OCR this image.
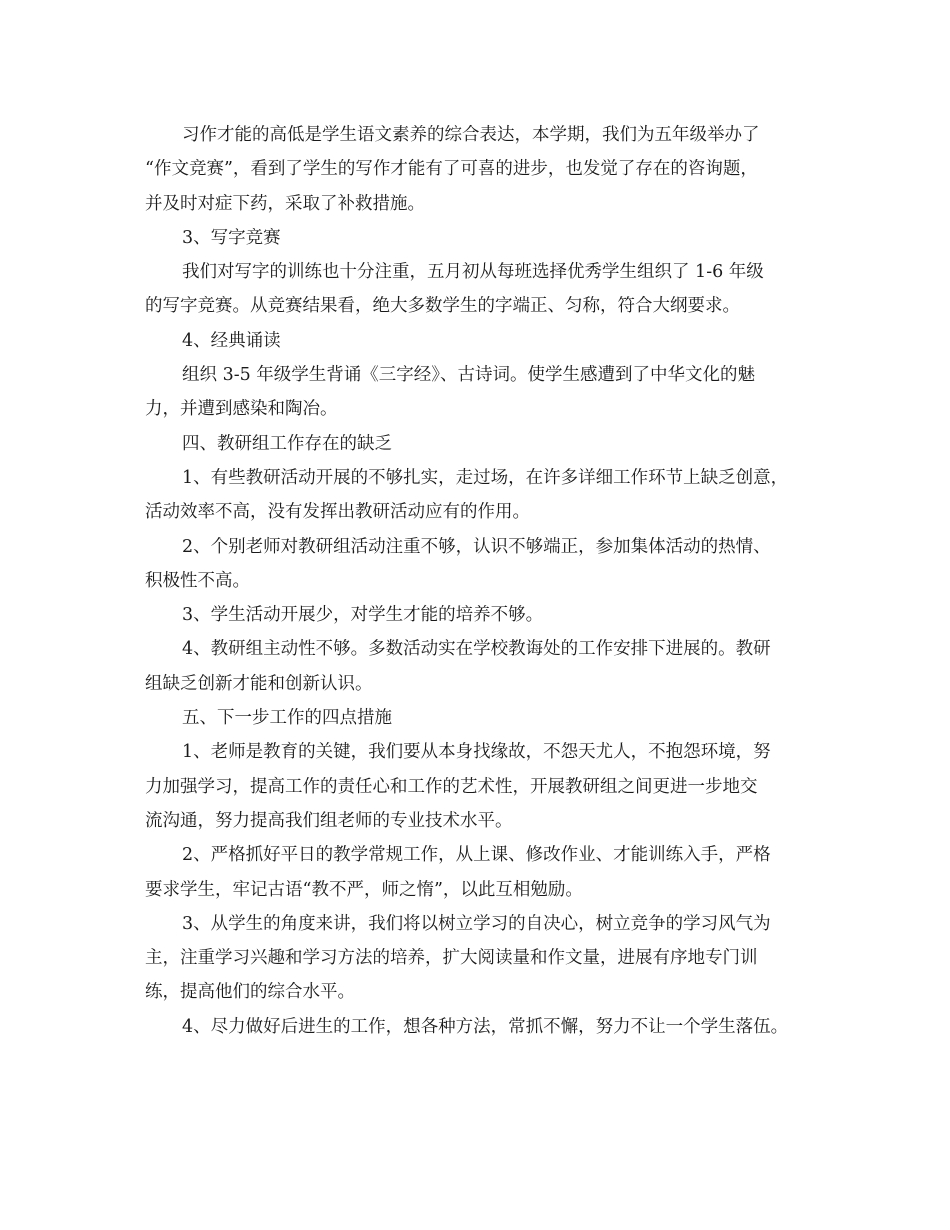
习作才能的高低是学生语文素养的综合表达，本学期，我们为五年级举办了
“作文竞赛”，看到了学生的写作才能有了可喜的进步，也发觉了存在的咨询题，
并及时对症下药，采取了补救措施。
3、写字竞赛
我们对写字的训练也十分注重，五月初从每班选择优秀学生组织了 1-6 年级
的写字竞赛。从竞赛结果看，绝大多数学生的字端正、匀称，符合大纲要求。
4、经典诵读
组织 3-5 年级学生背诵《三字经》、古诗词。使学生感遭到了中华文化的魅
力，并遭到感染和陶冶。
四、教研组工作存在的缺乏
1、有些教研活动开展的不够扎实，走过场，在许多详细工作环节上缺乏创意，
活动效率不高，没有发挥出教研活动应有的作用。
2、个别老师对教研组活动注重不够，认识不够端正，参加集体活动的热情、
积极性不高。
3、学生活动开展少，对学生才能的培养不够。
4、教研组主动性不够。多数活动实在学校教诲处的工作安排下进展的。教研
组缺乏创新才能和创新认识。
五、下一步工作的四点措施
1、老师是教育的关键，我们要从本身找缘故，不怨天尤人，不抱怨环境，努
力加强学习，提高工作的责任心和工作的艺术性，开展教研组之间更进一步地交
流沟通，努力提高我们组老师的专业技术水平。
2、严格抓好平日的教学常规工作，从上课、修改作业、才能训练入手，严格
要求学生，牢记古语“教不严，师之惰”，以此互相勉励。
3、从学生的角度来讲，我们将以树立学习的自决心，树立竞争的学习风气为
主，注重学习兴趣和学习方法的培养，扩大阅读量和作文量，进展有序地专门训
练，提高他们的综合水平。
4、尽力做好后进生的工作，想各种方法，常抓不懈，努力不让一个学生落伍。
